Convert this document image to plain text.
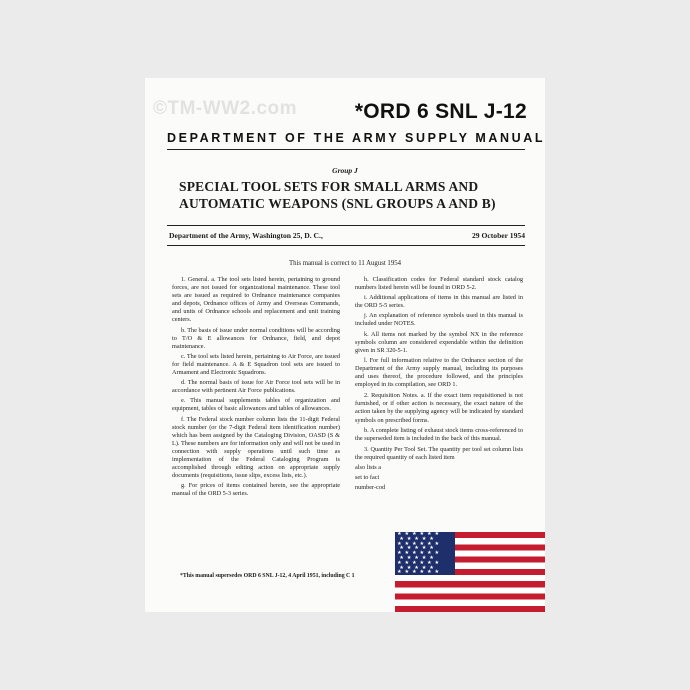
©TM-WW2.com	*ORD 6 SNL J-12
DEPARTMENT OF THE ARMY SUPPLY MANUAL
Group J
SPECIAL TOOL SETS FOR SMALL ARMS AND AUTOMATIC WEAPONS (SNL GROUPS A AND B)
Department of the Army, Washington 25, D. C.,	29 October 1954
This manual is correct to 11 August 1954

1. General. a. The tool sets listed herein, pertaining to ground forces, are not issued for organizational maintenance. These tool sets are issued as required to Ordnance maintenance companies and depots, Ordnance offices of Army and Overseas Commands, and units of Ordnance schools and replacement and unit training centers.

b. The basis of issue under normal conditions will be according to T/O & E allowances for Ordnance, field, and depot maintenance.

c. The tool sets listed herein, pertaining to Air Force, are issued for field maintenance. A & E Squadron tool sets are issued to Armament and Electronic Squadrons.

d. The normal basis of issue for Air Force tool sets will be in accordance with pertinent Air Force publications.

e. This manual supplements tables of organization and equipment, tables of basic allowances and tables of allowances.

f. The Federal stock number column lists the 11-digit Federal stock number (or the 7-digit Federal item identification number) which has been assigned by the Cataloging Division, OASD (S & L). These numbers are for information only and will not be used in connection with supply operations until such time as implementation of the Federal Cataloging Program is accomplished through editing action on appropriate supply documents (requisitions, issue slips, excess lists, etc.).

g. For prices of items contained herein, see the appropriate manual of the ORD 5-3 series.

h. Classification codes for Federal standard stock catalog numbers listed herein will be found in ORD 5-2.

i. Additional applications of items in this manual are listed in the ORD 5-5 series.

j. An explanation of reference symbols used in this manual is included under NOTES.

k. All items not marked by the symbol NX in the reference symbols column are considered expendable within the definition given in SR 320-5-1.

l. For full information relative to the Ordnance section of the Department of the Army supply manual, including its purposes and uses thereof, the procedure followed, and the principles employed in its compilation, see ORD 1.

2. Requisition Notes. a. If the exact item requisitioned is not furnished, or if other action is necessary, the exact nature of the action taken by the supplying agency will be indicated by standard symbols on prescribed forms.

b. A complete listing of exhaust stock items cross-referenced to the superseded item is included in the back of this manual.

3. Quantity Per Tool Set. The quantity per tool set column lists the required quantity of each listed item

also lists a

set to faci

number-cod

*This manual supersedes ORD 6 SNL J-12, 4 April 1951, including C 1
★ ★ ★ ★ ★ ★
★ ★ ★ ★ ★
★ ★ ★ ★ ★ ★
★ ★ ★ ★ ★
★ ★ ★ ★ ★ ★
★ ★ ★ ★ ★
★ ★ ★ ★ ★ ★
★ ★ ★ ★ ★
★ ★ ★ ★ ★ ★
